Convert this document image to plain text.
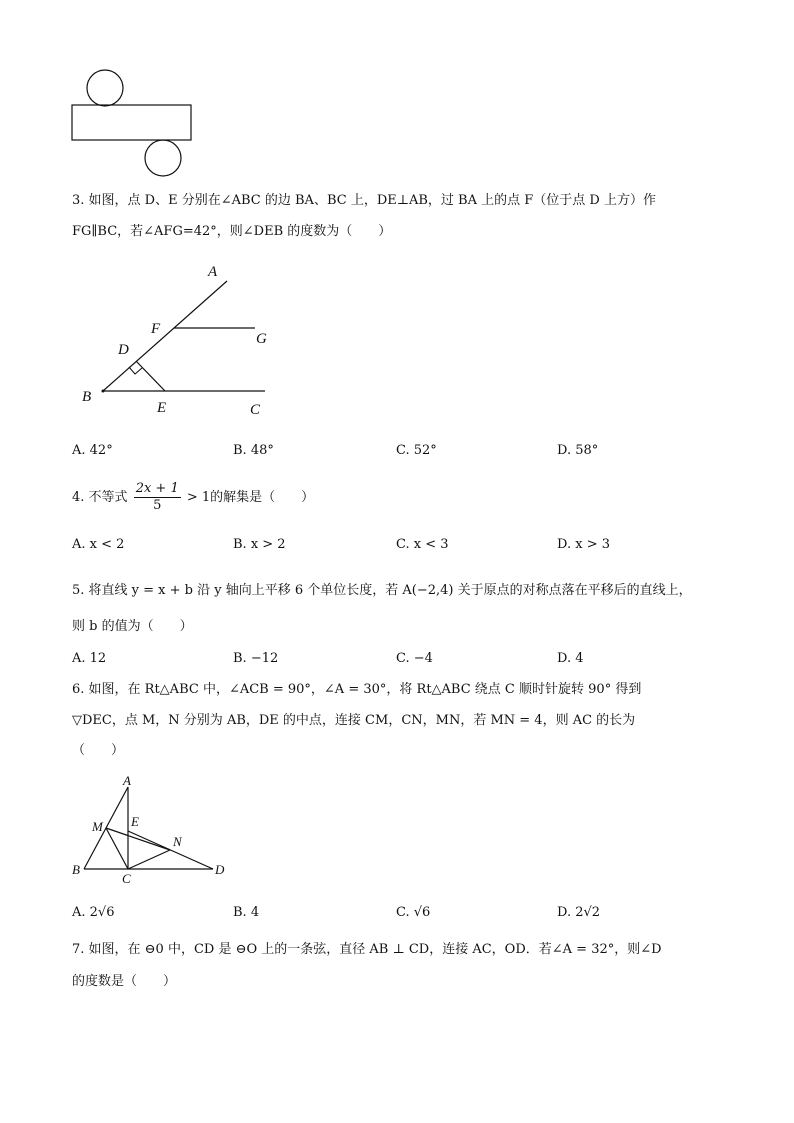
3. 如图，点 D、E 分别在∠ABC 的边 BA、BC 上，DE⊥AB，过 BA 上的点 F（位于点 D 上方）作
FG∥BC，若∠AFG=42°，则∠DEB 的度数为（　　）
A
F
G
D
B
E	C
A. 42°	B. 48°	C. 52°	D. 58°
4. 不等式 $\frac{2x + 1}{5} > 1$的解集是（　　）
A. x < 2	B. x > 2	C. x < 3	D. x > 3
5. 将直线 y = x + b 沿 y 轴向上平移 6 个单位长度，若 A(−2,4) 关于原点的对称点落在平移后的直线上，
则 b 的值为（　　）
A. 12	B. −12	C. −4	D. 4
6. 如图，在 Rt△ABC 中，∠ACB = 90°，∠A = 30°，将 Rt△ABC 绕点 C 顺时针旋转 90° 得到
▽DEC，点 M，N 分别为 AB，DE 的中点，连接 CM，CN，MN，若 MN = 4，则 AC 的长为
（　　）
A
M E
N
B
C
D
A. 2√6	B. 4	C. √6	D. 2√2
7. 如图，在 ⊖0 中，CD 是 ⊖O 上的一条弦，直径 AB ⊥ CD，连接 AC，OD．若∠A = 32°，则∠D
的度数是（　　）
